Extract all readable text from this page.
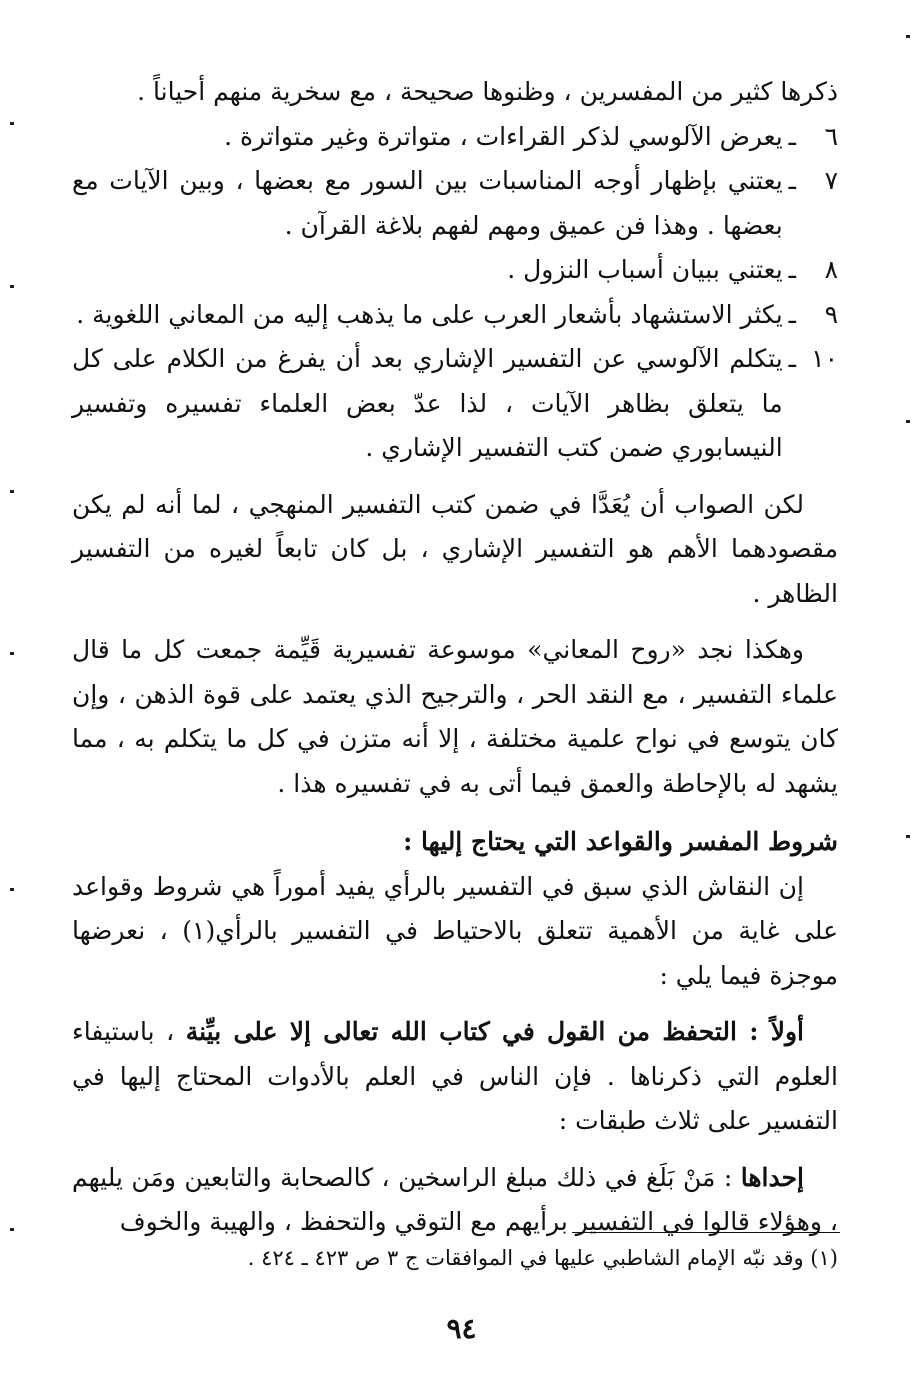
ذكرها كثير من المفسرين ، وظنوها صحيحة ، مع سخرية منهم أحياناً .

٦
ـ
يعرض الآلوسي لذكر القراءات ، متواترة وغير متواترة .
٧
ـ
يعتني بإظهار أوجه المناسبات بين السور مع بعضها ، وبين الآيات مع بعضها . وهذا فن عميق ومهم لفهم بلاغة القرآن .
٨
ـ
يعتني ببيان أسباب النزول .
٩
ـ
يكثر الاستشهاد بأشعار العرب على ما يذهب إليه من المعاني اللغوية .
١٠
ـ
يتكلم الآلوسي عن التفسير الإشاري بعد أن يفرغ من الكلام على كل ما يتعلق بظاهر الآيات ، لذا عدّ بعض العلماء تفسيره وتفسير النيسابوري ضمن كتب التفسير الإشاري .

لكن الصواب أن يُعَدَّا في ضمن كتب التفسير المنهجي ، لما أنه لم يكن مقصودهما الأهم هو التفسير الإشاري ، بل كان تابعاً لغيره من التفسير الظاهر .

وهكذا نجد «روح المعاني» موسوعة تفسيرية قَيِّمة جمعت كل ما قال علماء التفسير ، مع النقد الحر ، والترجيح الذي يعتمد على قوة الذهن ، وإن كان يتوسع في نواح علمية مختلفة ، إلا أنه متزن في كل ما يتكلم به ، مما يشهد له بالإحاطة والعمق فيما أتى به في تفسيره هذا .

شروط المفسر والقواعد التي يحتاج إليها :

إن النقاش الذي سبق في التفسير بالرأي يفيد أموراً هي شروط وقواعد على غاية من الأهمية تتعلق بالاحتياط في التفسير بالرأي(١) ، نعرضها موجزة فيما يلي :

أولاً : التحفظ من القول في كتاب الله تعالى إلا على بيِّنة ، باستيفاء العلوم التي ذكرناها . فإن الناس في العلم بالأدوات المحتاج إليها في التفسير على ثلاث طبقات :

إحداها : مَنْ بَلَغ في ذلك مبلغ الراسخين ، كالصحابة والتابعين ومَن يليهم ، وهؤلاء قالوا في التفسير برأيهم مع التوقي والتحفظ ، والهيبة والخوف

(١) وقد نبّه الإمام الشاطبي عليها في الموافقات ج ٣ ص ٤٢٣ ـ ٤٢٤ .
٩٤
